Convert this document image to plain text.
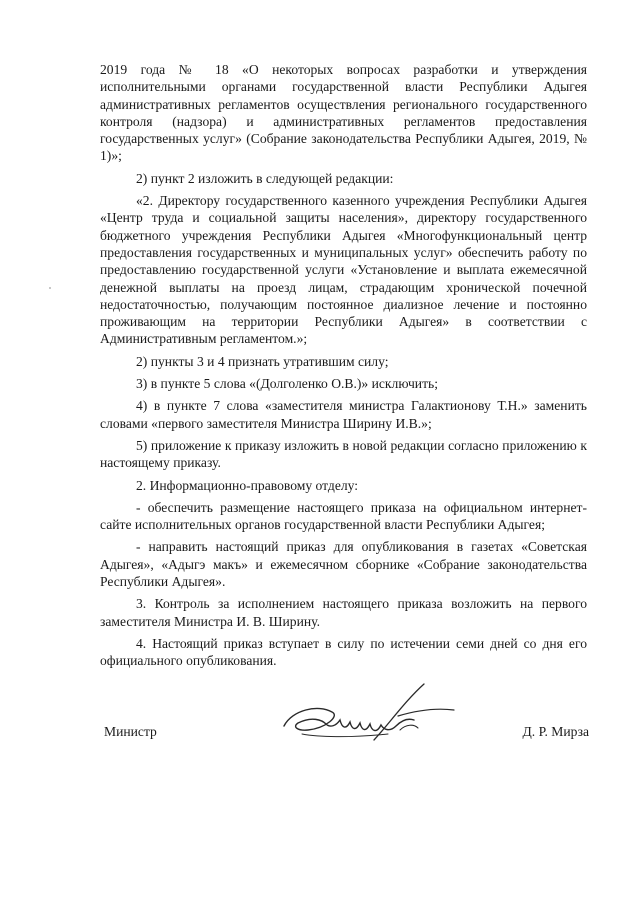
2019 года № 18 «О некоторых вопросах разработки и утверждения исполнительными органами государственной власти Республики Адыгея административных регламентов осуществления регионального государственного контроля (надзора) и административных регламентов предоставления государственных услуг» (Собрание законодательства Республики Адыгея, 2019, № 1)»;

2) пункт 2 изложить в следующей редакции:

«2. Директору государственного казенного учреждения Республики Адыгея «Центр труда и социальной защиты населения», директору государственного бюджетного учреждения Республики Адыгея «Многофункциональный центр предоставления государственных и муниципальных услуг» обеспечить работу по предоставлению государственной услуги «Установление и выплата ежемесячной денежной выплаты на проезд лицам, страдающим хронической почечной недостаточностью, получающим постоянное диализное лечение и постоянно проживающим на территории Республики Адыгея» в соответствии с Административным регламентом.»;

2) пункты 3 и 4 признать утратившим силу;

3) в пункте 5 слова «(Долголенко О.В.)» исключить;

4) в пункте 7 слова «заместителя министра Галактионову Т.Н.» заменить словами «первого заместителя Министра Ширину И.В.»;

5) приложение к приказу изложить в новой редакции согласно приложению к настоящему приказу.

2. Информационно-правовому отделу:

- обеспечить размещение настоящего приказа на официальном интернет-сайте исполнительных органов государственной власти Республики Адыгея;

- направить настоящий приказ для опубликования в газетах «Советская Адыгея», «Адыгэ макъ» и ежемесячном сборнике «Собрание законодательства Республики Адыгея».

3. Контроль за исполнением настоящего приказа возложить на первого заместителя Министра И. В. Ширину.

4. Настоящий приказ вступает в силу по истечении семи дней со дня его официального опубликования.

Министр	Д. Р. Мирза
